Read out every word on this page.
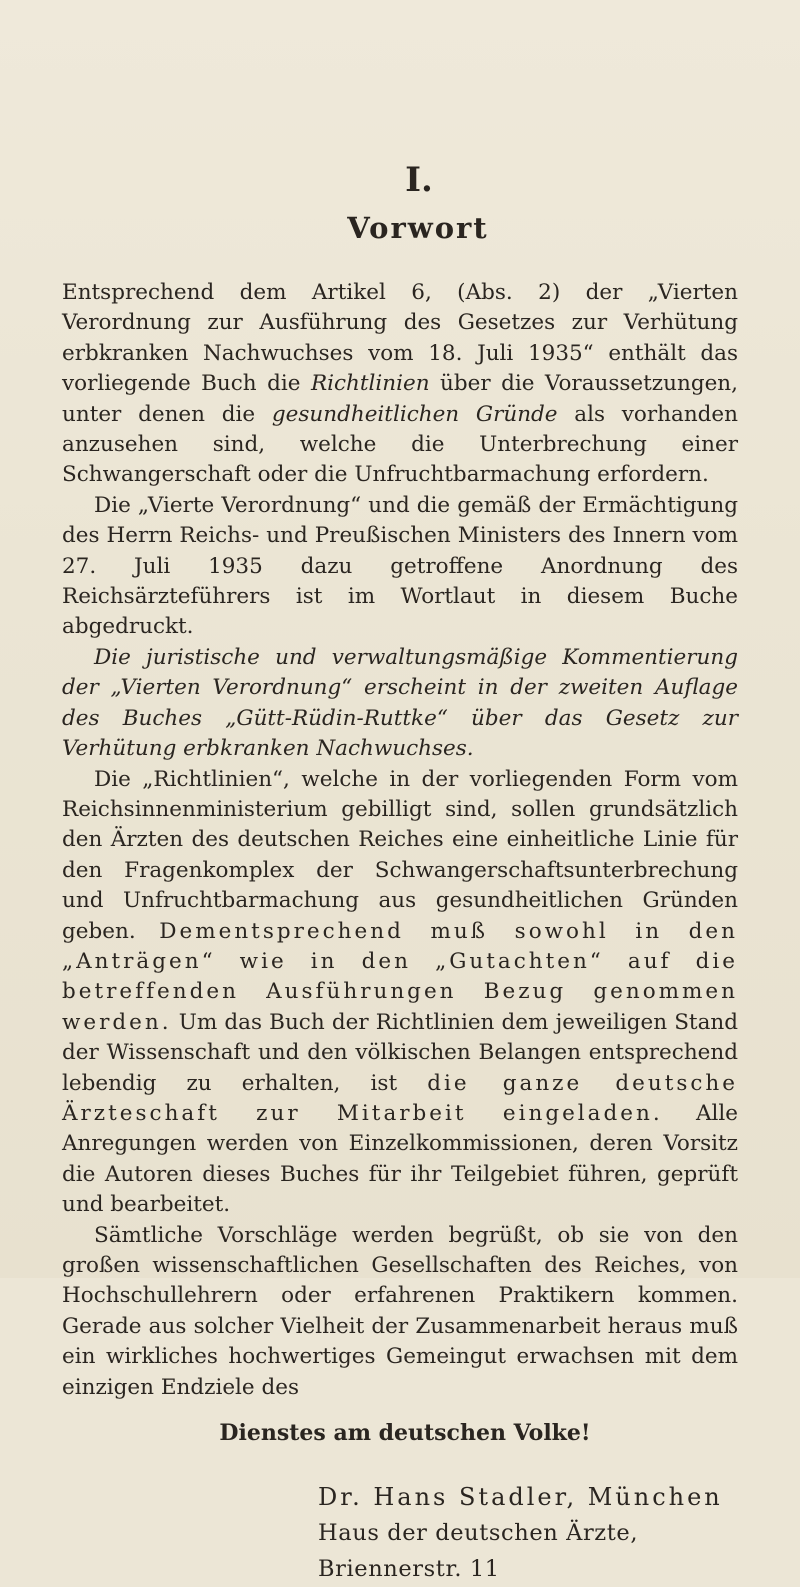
I.
Vorwort

Entsprechend dem Artikel 6, (Abs. 2) der „Vierten Verordnung zur Ausführung des Gesetzes zur Verhütung erbkranken Nachwuchses vom 18. Juli 1935“ enthält das vorliegende Buch die Richtlinien über die Voraussetzungen, unter denen die gesundheitlichen Gründe als vorhanden anzusehen sind, welche die Unterbrechung einer Schwangerschaft oder die Unfruchtbarmachung erfordern.

Die „Vierte Verordnung“ und die gemäß der Ermächtigung des Herrn Reichs- und Preußischen Ministers des Innern vom 27. Juli 1935 dazu getroffene Anordnung des Reichsärzteführers ist im Wortlaut in diesem Buche abgedruckt.

Die juristische und verwaltungsmäßige Kommentierung der „Vierten Verordnung“ erscheint in der zweiten Auflage des Buches „Gütt-Rüdin-Ruttke“ über das Gesetz zur Verhütung erbkranken Nachwuchses.

Die „Richtlinien“, welche in der vorliegenden Form vom Reichsinnenministerium gebilligt sind, sollen grundsätzlich den Ärzten des deutschen Reiches eine einheitliche Linie für den Fragenkomplex der Schwangerschaftsunterbrechung und Unfruchtbarmachung aus gesundheitlichen Gründen geben. Dementsprechend muß sowohl in den „Anträgen“ wie in den „Gutachten“ auf die betreffenden Ausführungen Bezug genommen werden. Um das Buch der Richtlinien dem jeweiligen Stand der Wissenschaft und den völkischen Belangen entsprechend lebendig zu erhalten, ist die ganze deutsche Ärzteschaft zur Mitarbeit eingeladen. Alle Anregungen werden von Einzelkommissionen, deren Vorsitz die Autoren dieses Buches für ihr Teilgebiet führen, geprüft und bearbeitet.

Sämtliche Vorschläge werden begrüßt, ob sie von den großen wissenschaftlichen Gesellschaften des Reiches, von Hochschullehrern oder erfahrenen Praktikern kommen. Gerade aus solcher Vielheit der Zusammenarbeit heraus muß ein wirkliches hochwertiges Gemeingut erwachsen mit dem einzigen Endziele des

Dienstes am deutschen Volke!
Dr. Hans Stadler, München
Haus der deutschen Ärzte, Briennerstr. 11
